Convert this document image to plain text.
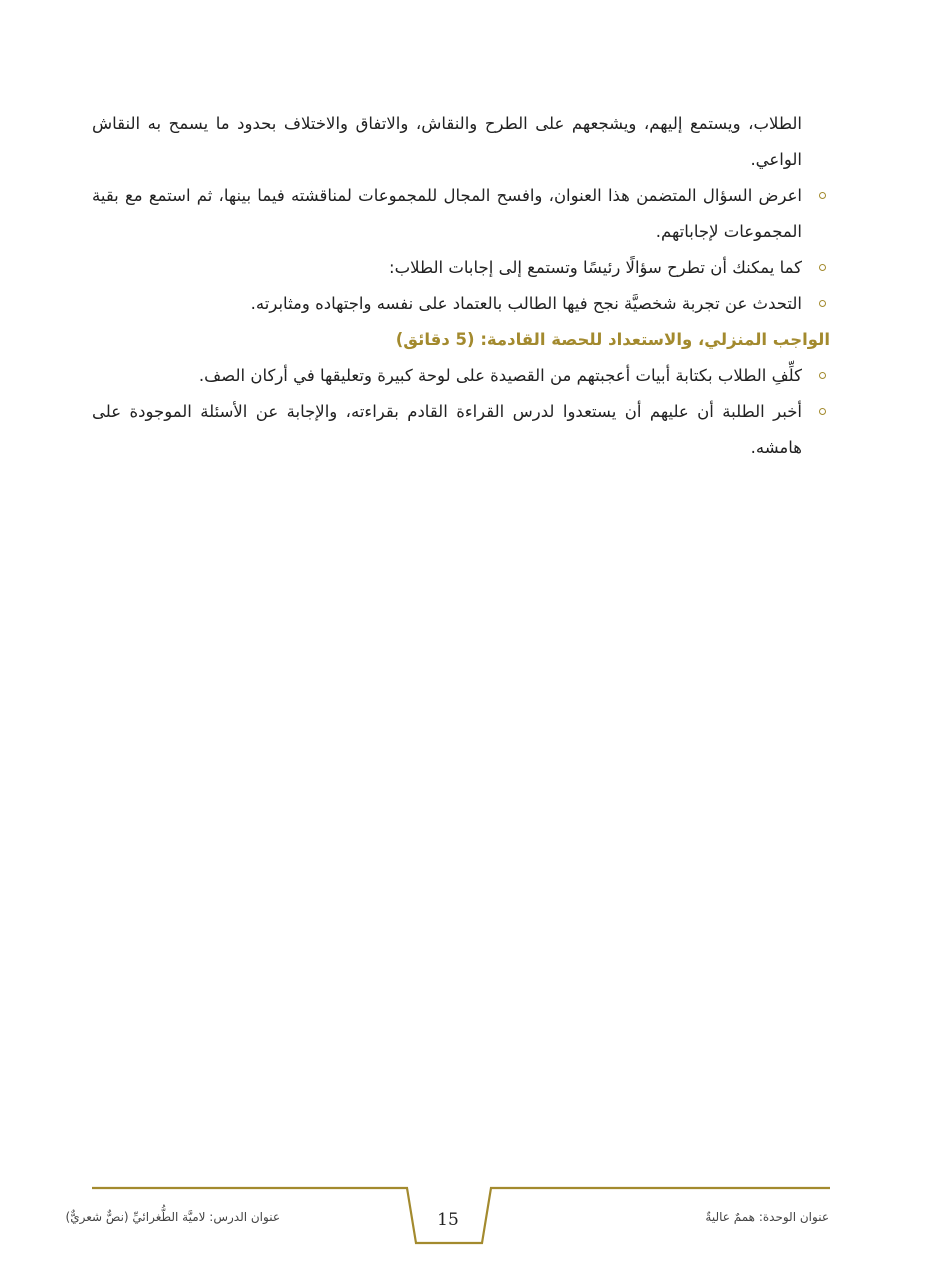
الطلاب، ويستمع إليهم، ويشجعهم على الطرح والنقاش، والاتفاق والاختلاف بحدود ما يسمح به النقاش الواعي.

اعرض السؤال المتضمن هذا العنوان، وافسح المجال للمجموعات لمناقشته فيما بينها، ثم استمع مع بقية المجموعات لإجاباتهم.

كما يمكنك أن تطرح سؤالًا رئيسًا وتستمع إلى إجابات الطلاب:

التحدث عن تجربة شخصيَّة نجح فيها الطالب بالعتماد على نفسه واجتهاده ومثابرته.

الواجب المنزلي، والاستعداد للحصة القادمة: (5 دقائق)

كلِّفِ الطلاب بكتابة أبيات أعجبتهم من القصيدة على لوحة كبيرة وتعليقها في أركان الصف.

أخبر الطلبة أن عليهم أن يستعدوا لدرس القراءة القادم بقراءته، والإجابة عن الأسئلة الموجودة على هامشه.

عنوان الوحدة: هممٌ عاليةٌ
15
عنوان الدرس: لاميَّة الطُّغرائيِّ (نصٌّ شعريٌّ)
